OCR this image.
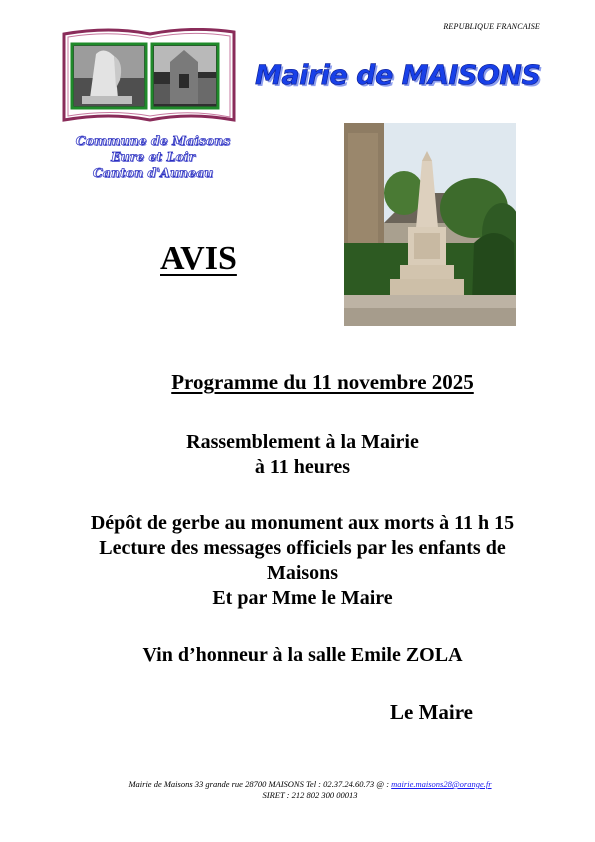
REPUBLIQUE FRANCAISE
Commune de Maisons
Eure et Loir
Canton d'Auneau
Mairie de MAISONS
AVIS
Programme du 11 novembre 2025
Rassemblement à la Mairie
à 11 heures
Dépôt de gerbe au monument aux morts à 11 h 15
Lecture des messages officiels par les enfants de
Maisons
Et par Mme le Maire
Vin d’honneur à la salle Emile ZOLA
Le Maire
Mairie de Maisons 33 grande rue 28700 MAISONS Tel : 02.37.24.60.73 @ : mairie.maisons28@orange.fr
SIRET : 212 802 300 00013
